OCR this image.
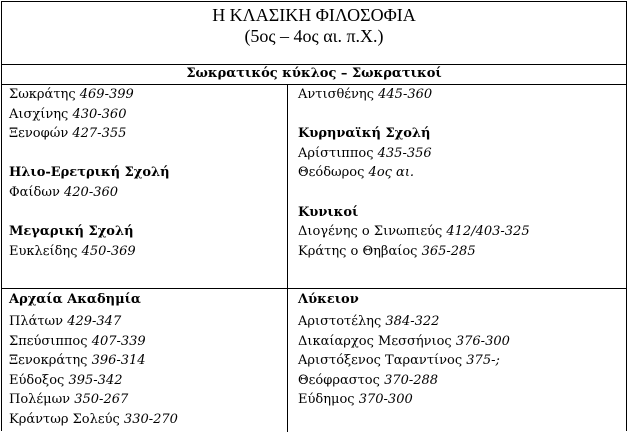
Η ΚΛΑΣΙΚΗ ΦΙΛΟΣΟΦΙΑ
(5ος – 4ος αι. π.Χ.)
Σωκρατικός κύκλος – Σωκρατικοί
Σωκράτης 469-399
Αισχίνης 430-360
Ξενοφών 427-355
Ηλιο-Ερετρική Σχολή
Φαίδων 420-360
Μεγαρική Σχολή
Ευκλείδης 450-369
Αντισθένης 445-360
Κυρηναϊκή Σχολή
Αρίστιππος 435-356
Θεόδωρος 4ος αι.
Κυνικοί
Διογένης ο Σινωπιεύς 412/403-325
Κράτης ο Θηβαίος 365-285
Αρχαία Ακαδημία
Πλάτων 429-347
Σπεύσιππος 407-339
Ξενοκράτης 396-314
Εύδοξος 395-342
Πολέμων 350-267
Κράντωρ Σολεύς 330-270
Λύκειον
Αριστοτέλης 384-322
Δικαίαρχος Μεσσήνιος 376-300
Αριστόξενος Ταραντίνος 375-;
Θεόφραστος 370-288
Εύδημος 370-300
